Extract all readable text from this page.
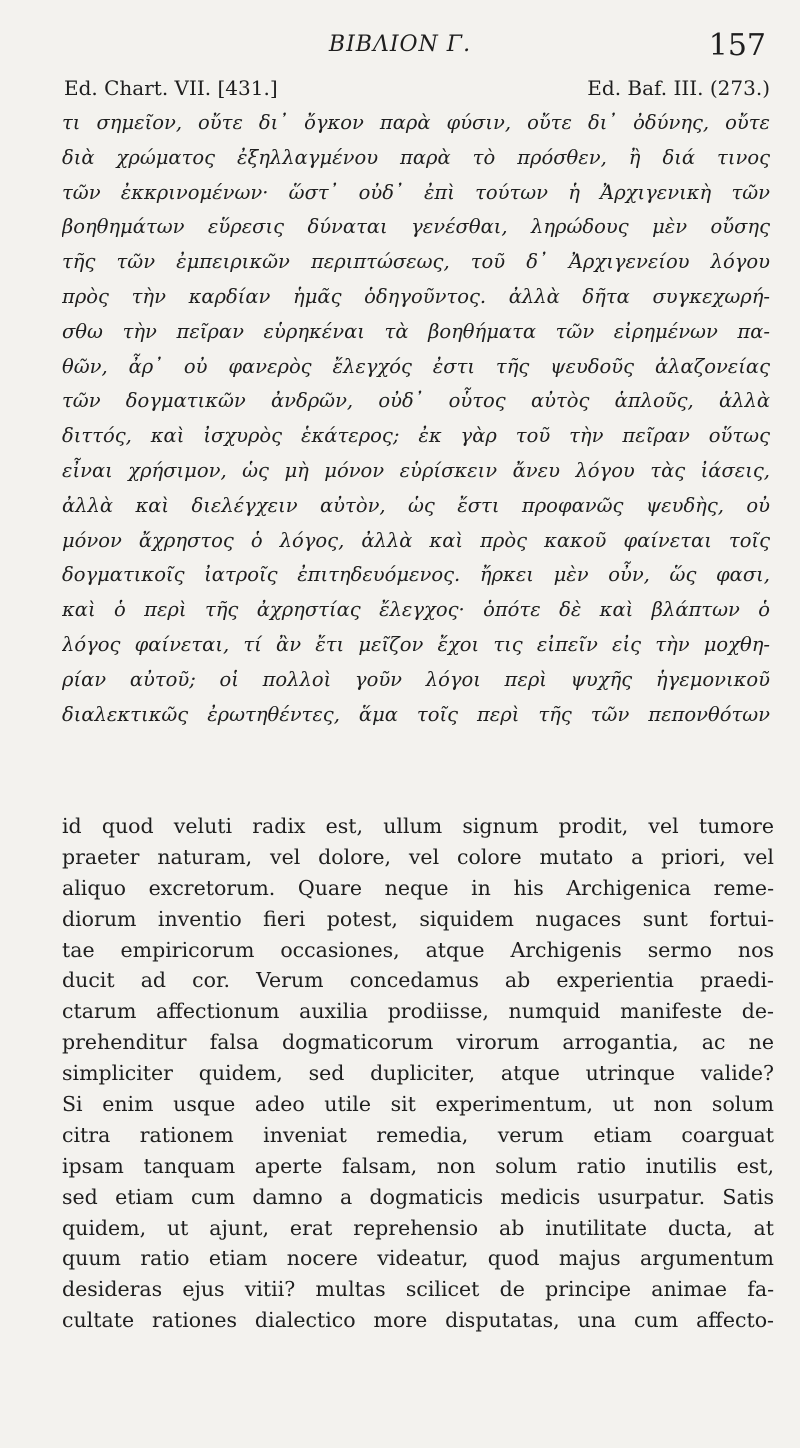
ΒΙΒΛΙΟΝ Γ.	157
Ed. Chart. VII. [431.]	Ed. Baf. III. (273.)
τι σημεῖον, οὔτε δι᾽ ὄγκον παρὰ φύσιν, οὔτε δι᾽ ὀδύνης, οὔτε
διὰ χρώματος ἐξηλλαγμένου παρὰ τὸ πρόσθεν, ἢ διά τινος
τῶν ἐκκρινομένων· ὥστ᾽ οὐδ᾽ ἐπὶ τούτων ἡ Ἀρχιγενικὴ τῶν
βοηθημάτων εὕρεσις δύναται γενέσθαι, ληρώδους μὲν οὔσης
τῆς τῶν ἐμπειρικῶν περιπτώσεως, τοῦ δ᾽ Ἀρχιγενείου λόγου
πρὸς τὴν καρδίαν ἡμᾶς ὁδηγοῦντος. ἀλλὰ δῆτα συγκεχωρή-
σθω τὴν πεῖραν εὑρηκέναι τὰ βοηθήματα τῶν εἰρημένων πα-
θῶν, ἆρ᾽ οὐ φανερὸς ἔλεγχός ἐστι τῆς ψευδοῦς ἀλαζονείας
τῶν δογματικῶν ἀνδρῶν, οὐδ᾽ οὗτος αὐτὸς ἁπλοῦς, ἀλλὰ
διττός, καὶ ἰσχυρὸς ἑκάτερος; ἐκ γὰρ τοῦ τὴν πεῖραν οὕτως
εἶναι χρήσιμον, ὡς μὴ μόνον εὑρίσκειν ἄνευ λόγου τὰς ἰάσεις,
ἀλλὰ καὶ διελέγχειν αὐτὸν, ὡς ἔστι προφανῶς ψευδὴς, οὐ
μόνον ἄχρηστος ὁ λόγος, ἀλλὰ καὶ πρὸς κακοῦ φαίνεται τοῖς
δογματικοῖς ἰατροῖς ἐπιτηδευόμενος. ἤρκει μὲν οὖν, ὥς φασι,
καὶ ὁ περὶ τῆς ἀχρηστίας ἔλεγχος· ὁπότε δὲ καὶ βλάπτων ὁ
λόγος φαίνεται, τί ἂν ἔτι μεῖζον ἔχοι τις εἰπεῖν εἰς τὴν μοχθη-
ρίαν αὐτοῦ; οἱ πολλοὶ γοῦν λόγοι περὶ ψυχῆς ἡγεμονικοῦ
διαλεκτικῶς ἐρωτηθέντες, ἅμα τοῖς περὶ τῆς τῶν πεπονθότων
id quod veluti radix est, ullum signum prodit, vel tumore
praeter naturam, vel dolore, vel colore mutato a priori, vel
aliquo excretorum. Quare neque in his Archigenica reme-
diorum inventio fieri potest, siquidem nugaces sunt fortui-
tae empiricorum occasiones, atque Archigenis sermo nos
ducit ad cor. Verum concedamus ab experientia praedi-
ctarum affectionum auxilia prodiisse, numquid manifeste de-
prehenditur falsa dogmaticorum virorum arrogantia, ac ne
simpliciter quidem, sed dupliciter, atque utrinque valide?
Si enim usque adeo utile sit experimentum, ut non solum
citra rationem inveniat remedia, verum etiam coarguat
ipsam tanquam aperte falsam, non solum ratio inutilis est,
sed etiam cum damno a dogmaticis medicis usurpatur. Satis
quidem, ut ajunt, erat reprehensio ab inutilitate ducta, at
quum ratio etiam nocere videatur, quod majus argumentum
desideras ejus vitii? multas scilicet de principe animae fa-
cultate rationes dialectico more disputatas, una cum affecto-
